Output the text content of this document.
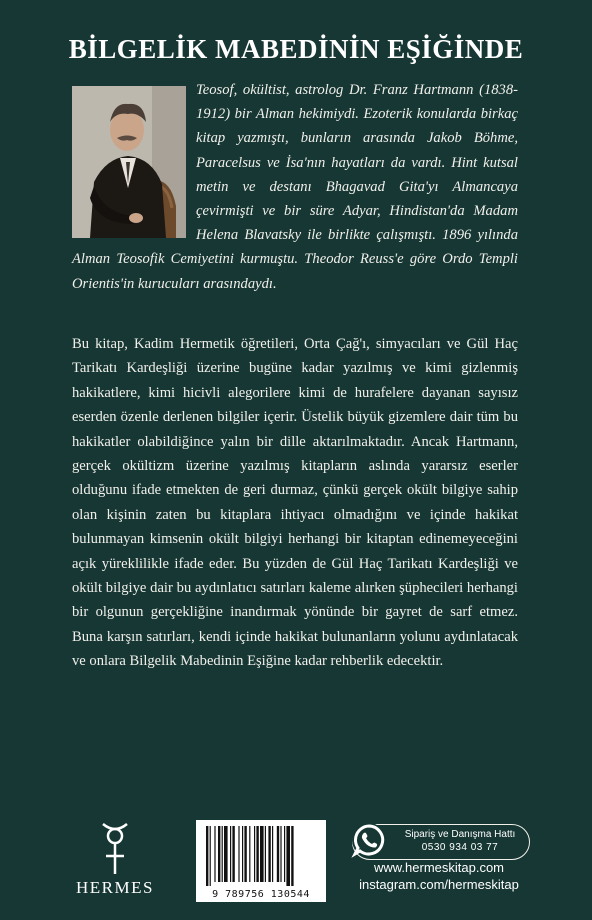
BİLGELİK MABEDİNİN EŞİĞİNDE

Teosof, okültist, astrolog Dr. Franz Hartmann (1838-1912) bir Alman hekimiydi. Ezoterik konularda birkaç kitap yazmıştı, bunların arasında Jakob Böhme, Paracelsus ve İsa'nın hayatları da vardı. Hint kutsal metin ve destanı Bhagavad Gita'yı Almancaya çevirmişti ve bir süre Adyar, Hindistan'da Madam Helena Blavatsky ile birlikte çalışmıştı. 1896 yılında Alman Teosofik Cemiyetini kurmuştu. Theodor Reuss'e göre Ordo Templi Orientis'in kurucuları arasındaydı.

Bu kitap, Kadim Hermetik öğretileri, Orta Çağ'ı, simyacıları ve Gül Haç Tarikatı Kardeşliği üzerine bugüne kadar yazılmış ve kimi gizlenmiş hakikatlere, kimi hicivli alegorilere kimi de hurafelere dayanan sayısız eserden özenle derlenen bilgiler içerir. Üstelik büyük gizemlere dair tüm bu hakikatler olabildiğince yalın bir dille aktarılmaktadır. Ancak Hartmann, gerçek okültizm üzerine yazılmış kitapların aslında yararsız eserler olduğunu ifade etmekten de geri durmaz, çünkü gerçek okült bilgiye sahip olan kişinin zaten bu kitaplara ihtiyacı olmadığını ve içinde hakikat bulunmayan kimsenin okült bilgiyi herhangi bir kitaptan edinemeyeceğini açık yüreklilikle ifade eder. Bu yüzden de Gül Haç Tarikatı Kardeşliği ve okült bilgiye dair bu aydınlatıcı satırları kaleme alırken şüphecileri herhangi bir olgunun gerçekliğine inandırmak yönünde bir gayret de sarf etmez. Buna karşın satırları, kendi içinde hakikat bulunanların yolunu aydınlatacak ve onlara Bilgelik Mabedinin Eşiğine kadar rehberlik edecektir.

HERMES	9 789756 130544
Sipariş ve Danışma Hattı
0530 934 03 77
www.hermeskitap.com
instagram.com/hermeskitap
